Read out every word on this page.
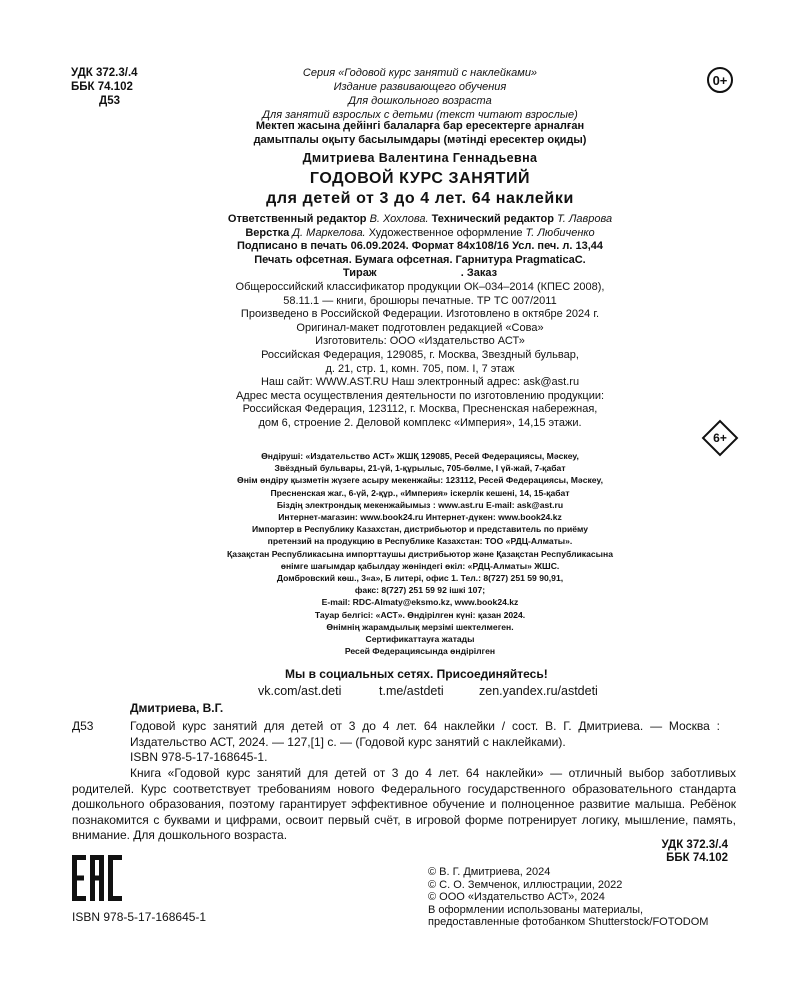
УДК 372.3/.4
ББК 74.102
Д53
0+
6+
Серия «Годовой курс занятий с наклейками»
Издание развивающего обучения
Для дошкольного возраста
Для занятий взрослых с детьми (текст читают взрослые)
Мектеп жасына дейінгі балаларға бар ересектерге арналған
дамытпалы оқыту басылымдары (мәтінді ересектер оқиды)
Дмитриева Валентина Геннадьевна
ГОДОВОЙ КУРС ЗАНЯТИЙ
для детей от 3 до 4 лет. 64 наклейки
Ответственный редактор В. Хохлова. Технический редактор Т. Лаврова
Верстка Д. Маркелова. Художественное оформление Т. Любиченко
Подписано в печать 06.09.2024. Формат 84х108/16 Усл. печ. л. 13,44
Печать офсетная. Бумага офсетная. Гарнитура PragmaticaC.
Тираж	. Заказ
Общероссийский классификатор продукции ОК–034–2014 (КПЕС 2008),
58.11.1 — книги, брошюры печатные. ТР ТС 007/2011
Произведено в Российской Федерации. Изготовлено в октябре 2024 г.
Оригинал-макет подготовлен редакцией «Сова»
Изготовитель: ООО «Издательство АСТ»
Российская Федерация, 129085, г. Москва, Звездный бульвар,
д. 21, стр. 1, комн. 705, пом. I, 7 этаж
Наш сайт: WWW.AST.RU Наш электронный адрес: ask@ast.ru
Адрес места осуществления деятельности по изготовлению продукции:
Российская Федерация, 123112, г. Москва, Пресненская набережная,
дом 6, строение 2. Деловой комплекс «Империя», 14,15 этажи.
Өндіруші: «Издательство АСТ» ЖШҚ 129085, Ресей Федерациясы, Мәскеу,
Звёздный бульвары, 21-үй, 1-құрылыс, 705-бөлме, I үй-жай, 7-қабат
Өнім өндіру қызметін жүзеге асыру мекенжайы: 123112, Ресей Федерациясы, Мәскеу,
Пресненская жаг., 6-үй, 2-құр., «Империя» іскерлік кешені, 14, 15-қабат
Біздің электрондық мекенжайымыз : www.ast.ru E-mail: ask@ast.ru
Интернет-магазин: www.book24.ru Интернет-дүкен: www.book24.kz
Импортер в Республику Казахстан, дистрибьютор и представитель по приёму
претензий на продукцию в Республике Казахстан: ТОО «РДЦ-Алматы».
Қазақстан Республикасына импорттаушы дистрибьютор және Қазақстан Республикасына
өнімге шағымдар қабылдау жөніндегі өкіл: «РДЦ-Алматы» ЖШС.
Домбровский көш., 3«а», Б литері, офис 1. Тел.: 8(727) 251 59 90,91,
факс: 8(727) 251 59 92 ішкі 107;
E-mail: RDC-Almaty@eksmo.kz, www.book24.kz
Тауар белгісі: «АСТ». Өндірілген күні: қазан 2024.
Өнімнің жарамдылық мерзімі шектелмеген.
Сертификаттауға жатады
Ресей Федерациясында өндірілген
Мы в социальных сетях. Присоединяйтесь!
vk.com/ast.deti	t.me/astdeti	zen.yandex.ru/astdeti
Дмитриева, В.Г.
Д53	Годовой курс занятий для детей от 3 до 4 лет. 64 наклейки / сост. В. Г. Дмитриева. — Москва : Издательство АСТ, 2024. — 127,[1] с. — (Годовой курс занятий с наклейками).
ISBN 978-5-17-168645-1.
Книга «Годовой курс занятий для детей от 3 до 4 лет. 64 наклейки» — отличный выбор заботливых родителей. Курс соответствует требованиям нового Федерального государственного образовательного стандарта дошкольного образования, поэтому гарантирует эффективное обучение и полноценное развитие малыша. Ребёнок познакомится с буквами и цифрами, освоит первый счёт, в игровой форме потренирует логику, мышление, память, внимание. Для дошкольного возраста.
УДК 372.3/.4
ББК 74.102
© В. Г. Дмитриева, 2024
© С. О. Земченок, иллюстрации, 2022
© ООО «Издательство АСТ», 2024
В оформлении использованы материалы,
предоставленные фотобанком Shutterstock/FOTODOM
ISBN 978-5-17-168645-1
